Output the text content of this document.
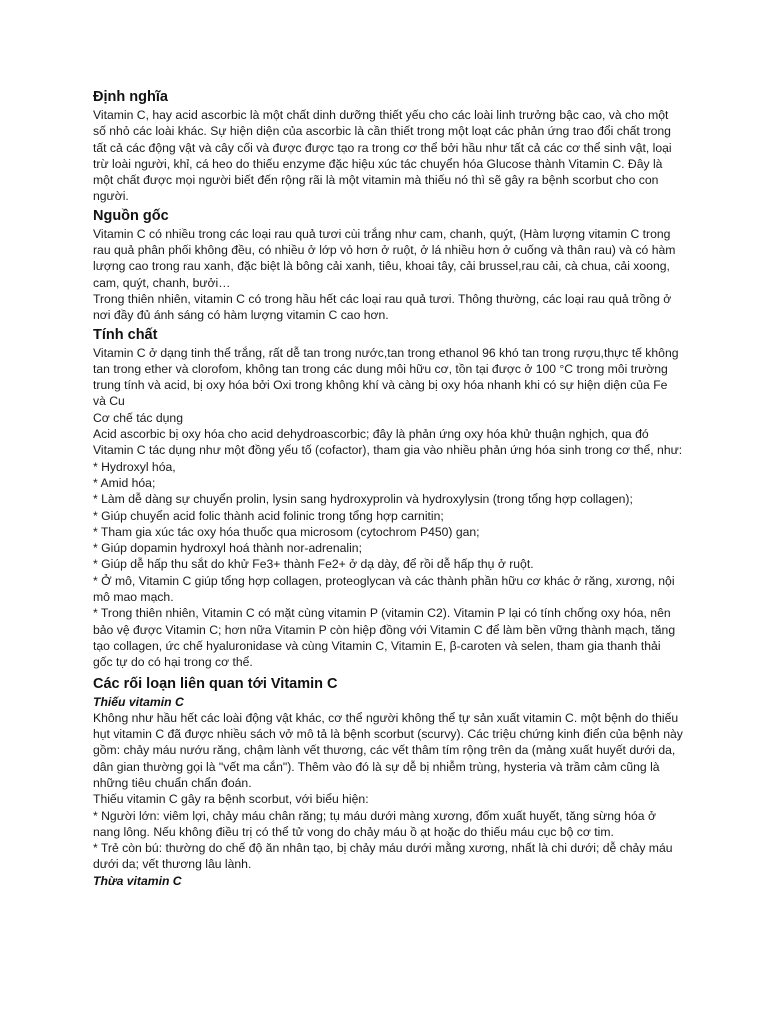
Định nghĩa

Vitamin C, hay acid ascorbic là một chất dinh dưỡng thiết yếu cho các loài linh trưởng bậc cao, và cho một số nhỏ các loài khác. Sự hiện diện của ascorbic là cần thiết trong một loạt các phản ứng trao đổi chất trong tất cả các động vật và cây cối và được được tạo ra trong cơ thể bởi hầu như tất cả các cơ thể sinh vật, loại trừ loài người, khỉ, cá heo do thiếu enzyme đặc hiệu xúc tác chuyển hóa Glucose thành Vitamin C. Đây là một chất được mọi người biết đến rộng rãi là một vitamin mà thiếu nó thì sẽ gây ra bệnh scorbut cho con người.

Nguồn gốc

Vitamin C có nhiều trong các loại rau quả tươi cùi trắng như cam, chanh, quýt, (Hàm lượng vitamin C trong rau quả phân phối không đều, có nhiều ở lớp vỏ hơn ở ruột, ở lá nhiều hơn ở cuống và thân rau) và có hàm lượng cao trong rau xanh, đặc biệt là bông cải xanh, tiêu, khoai tây, cải brussel,rau cải, cà chua, cải xoong, cam, quýt, chanh, bưởi…

Trong thiên nhiên, vitamin C có trong hầu hết các loại rau quả tươi. Thông thường, các loại rau quả trồng ở nơi đầy đủ ánh sáng có hàm lượng vitamin C cao hơn.

Tính chất

Vitamin C ở dạng tinh thể trắng, rất dễ tan trong nước,tan trong ethanol 96 khó tan trong rượu,thực tế không tan trong ether và clorofom, không tan trong các dung môi hữu cơ, tồn tại được ở 100 °C trong môi trường trung tính và acid, bị oxy hóa bởi Oxi trong không khí và càng bị oxy hóa nhanh khi có sự hiện diện của Fe và Cu

Cơ chế tác dụng

Acid ascorbic bị oxy hóa cho acid dehydroascorbic; đây là phản ứng oxy hóa khử thuận nghịch, qua đó Vitamin C tác dụng như một đồng yếu tố (cofactor), tham gia vào nhiều phản ứng hóa sinh trong cơ thể, như:

* Hydroxyl hóa,

* Amid hóa;

* Làm dễ dàng sự chuyển prolin, lysin sang hydroxyprolin và hydroxylysin (trong tổng hợp collagen);

* Giúp chuyển acid folic thành acid folinic trong tổng hợp carnitin;

* Tham gia xúc tác oxy hóa thuốc qua microsom (cytochrom P450) gan;

* Giúp dopamin hydroxyl hoá thành nor-adrenalin;

* Giúp dễ hấp thu sắt do khử Fe3+ thành Fe2+ ở dạ dày, để rồi dễ hấp thụ ở ruột.

* Ở mô, Vitamin C giúp tổng hợp collagen, proteoglycan và các thành phần hữu cơ khác ở răng, xương, nội mô mao mạch.

* Trong thiên nhiên, Vitamin C có mặt cùng vitamin P (vitamin C2). Vitamin P lại có tính chống oxy hóa, nên bảo vệ được Vitamin C; hơn nữa Vitamin P còn hiệp đồng với Vitamin C để làm bền vững thành mạch, tăng tạo collagen, ức chế hyaluronidase và cùng Vitamin C, Vitamin E, β-caroten và selen, tham gia thanh thải gốc tự do có hại trong cơ thể.

Các rối loạn liên quan tới Vitamin C

Thiếu vitamin C

Không như hầu hết các loài động vật khác, cơ thể người không thể tự sản xuất vitamin C. một bệnh do thiếu hụt vitamin C đã được nhiều sách vở mô tả là bệnh scorbut (scurvy). Các triệu chứng kinh điển của bệnh này gồm: chảy máu nướu răng, chậm lành vết thương, các vết thâm tím rộng trên da (mảng xuất huyết dưới da, dân gian thường gọi là "vết ma cắn"). Thêm vào đó là sự dễ bị nhiễm trùng, hysteria và trầm cảm cũng là những tiêu chuẩn chẩn đoán.

Thiếu vitamin C gây ra bệnh scorbut, với biểu hiện:

* Người lớn: viêm lợi, chảy máu chân răng; tụ máu dưới màng xương, đốm xuất huyết, tăng sừng hóa ở nang lông. Nếu không điều trị có thể tử vong do chảy máu ồ ạt hoặc do thiếu máu cục bộ cơ tim.

* Trẻ còn bú: thường do chế độ ăn nhân tạo, bị chảy máu dưới mằng xương, nhất là chi dưới; dễ chảy máu dưới da; vết thương lâu lành.

Thừa vitamin C
